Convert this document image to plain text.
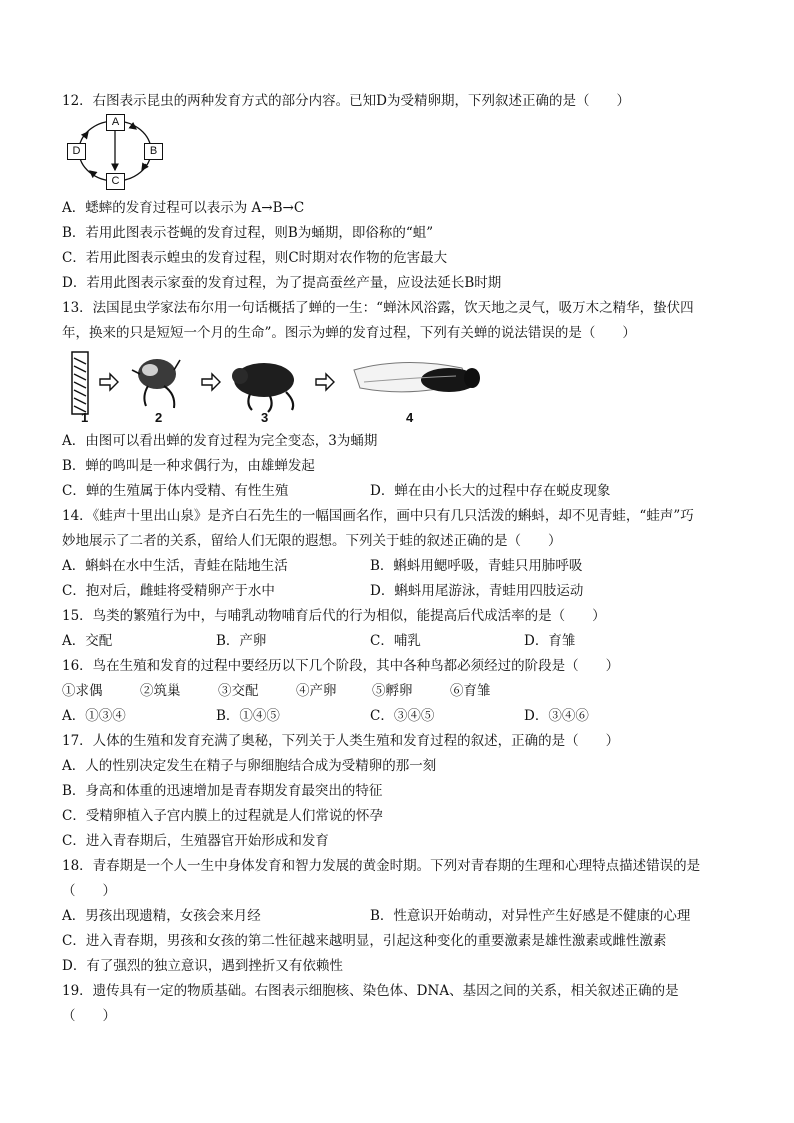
12．右图表示昆虫的两种发育方式的部分内容。已知D为受精卵期，下列叙述正确的是（　　）
A
B
C
D
A．蟋蟀的发育过程可以表示为 A→B→C
B．若用此图表示苍蝇的发育过程，则B为蛹期，即俗称的“蛆”
C．若用此图表示蝗虫的发育过程，则C时期对农作物的危害最大
D．若用此图表示家蚕的发育过程，为了提高蚕丝产量，应设法延长B时期
13．法国昆虫学家法布尔用一句话概括了蝉的一生：“蝉沐风浴露，饮天地之灵气，吸万木之精华，蛰伏四
年，换来的只是短短一个月的生命”。图示为蝉的发育过程，下列有关蝉的说法错误的是（　　）
1	2	3	4
A．由图可以看出蝉的发育过程为完全变态，3为蛹期
B．蝉的鸣叫是一种求偶行为，由雄蝉发起
C．蝉的生殖属于体内受精、有性生殖	D．蝉在由小长大的过程中存在蜕皮现象
14．《蛙声十里出山泉》是齐白石先生的一幅国画名作，画中只有几只活泼的蝌蚪，却不见青蛙，“蛙声”巧
妙地展示了二者的关系，留给人们无限的遐想。下列关于蛙的叙述正确的是（　　）
A．蝌蚪在水中生活，青蛙在陆地生活	B．蝌蚪用鳃呼吸，青蛙只用肺呼吸
C．抱对后，雌蛙将受精卵产于水中	D．蝌蚪用尾游泳，青蛙用四肢运动
15．鸟类的繁殖行为中，与哺乳动物哺育后代的行为相似，能提高后代成活率的是（　　）
A．交配	B．产卵	C．哺乳	D．育雏
16．鸟在生殖和发育的过程中要经历以下几个阶段，其中各种鸟都必须经过的阶段是（　　）
①求偶	②筑巢	③交配	④产卵	⑤孵卵	⑥育雏
A．①③④	B．①④⑤	C．③④⑤	D．③④⑥
17．人体的生殖和发育充满了奥秘，下列关于人类生殖和发育过程的叙述，正确的是（　　）
A．人的性别决定发生在精子与卵细胞结合成为受精卵的那一刻
B．身高和体重的迅速增加是青春期发育最突出的特征
C．受精卵植入子宫内膜上的过程就是人们常说的怀孕
C．进入青春期后，生殖器官开始形成和发育
18．青春期是一个人一生中身体发育和智力发展的黄金时期。下列对青春期的生理和心理特点描述错误的是
（　　）
A．男孩出现遗精，女孩会来月经	B．性意识开始萌动，对异性产生好感是不健康的心理
C．进入青春期，男孩和女孩的第二性征越来越明显，引起这种变化的重要激素是雄性激素或雌性激素
D．有了强烈的独立意识，遇到挫折又有依赖性
19．遗传具有一定的物质基础。右图表示细胞核、染色体、DNA、基因之间的关系，相关叙述正确的是
（　　）
